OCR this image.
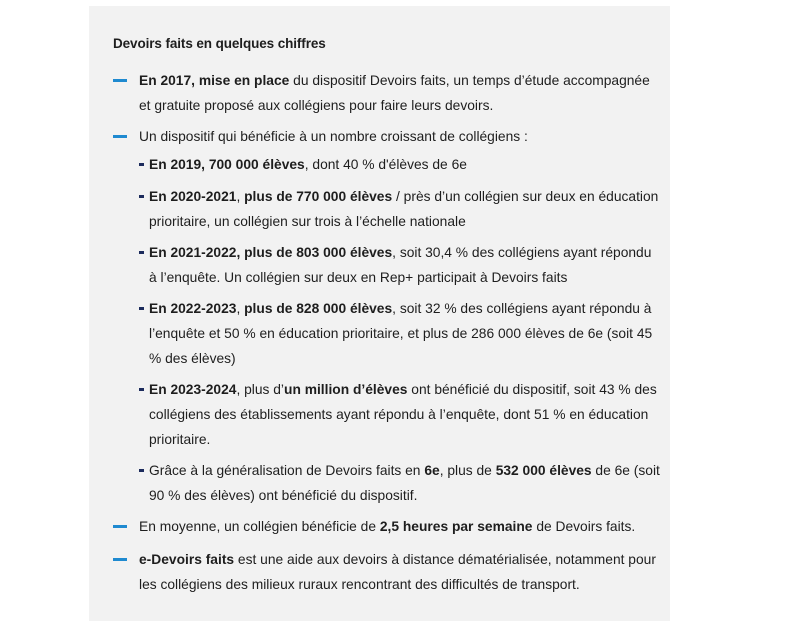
Devoirs faits en quelques chiffres
En 2017, mise en place du dispositif Devoirs faits, un temps d’étude accompagnée et gratuite proposé aux collégiens pour faire leurs devoirs.
Un dispositif qui bénéficie à un nombre croissant de collégiens :
En 2019, 700 000 élèves, dont 40 % d'élèves de 6e
En 2020-2021, plus de 770 000 élèves / près d’un collégien sur deux en éducation prioritaire, un collégien sur trois à l’échelle nationale
En 2021-2022, plus de 803 000 élèves, soit 30,4 % des collégiens ayant répondu à l’enquête. Un collégien sur deux en Rep+ participait à Devoirs faits
En 2022-2023, plus de 828 000 élèves, soit 32 % des collégiens ayant répondu à l’enquête et 50 % en éducation prioritaire, et plus de 286 000 élèves de 6e (soit 45 % des élèves)
En 2023-2024, plus d’un million d’élèves ont bénéficié du dispositif, soit 43 % des collégiens des établissements ayant répondu à l’enquête, dont 51 % en éducation prioritaire.
Grâce à la généralisation de Devoirs faits en 6e, plus de 532 000 élèves de 6e (soit 90 % des élèves) ont bénéficié du dispositif.
En moyenne, un collégien bénéficie de 2,5 heures par semaine de Devoirs faits.
e-Devoirs faits est une aide aux devoirs à distance dématérialisée, notamment pour les collégiens des milieux ruraux rencontrant des difficultés de transport.
